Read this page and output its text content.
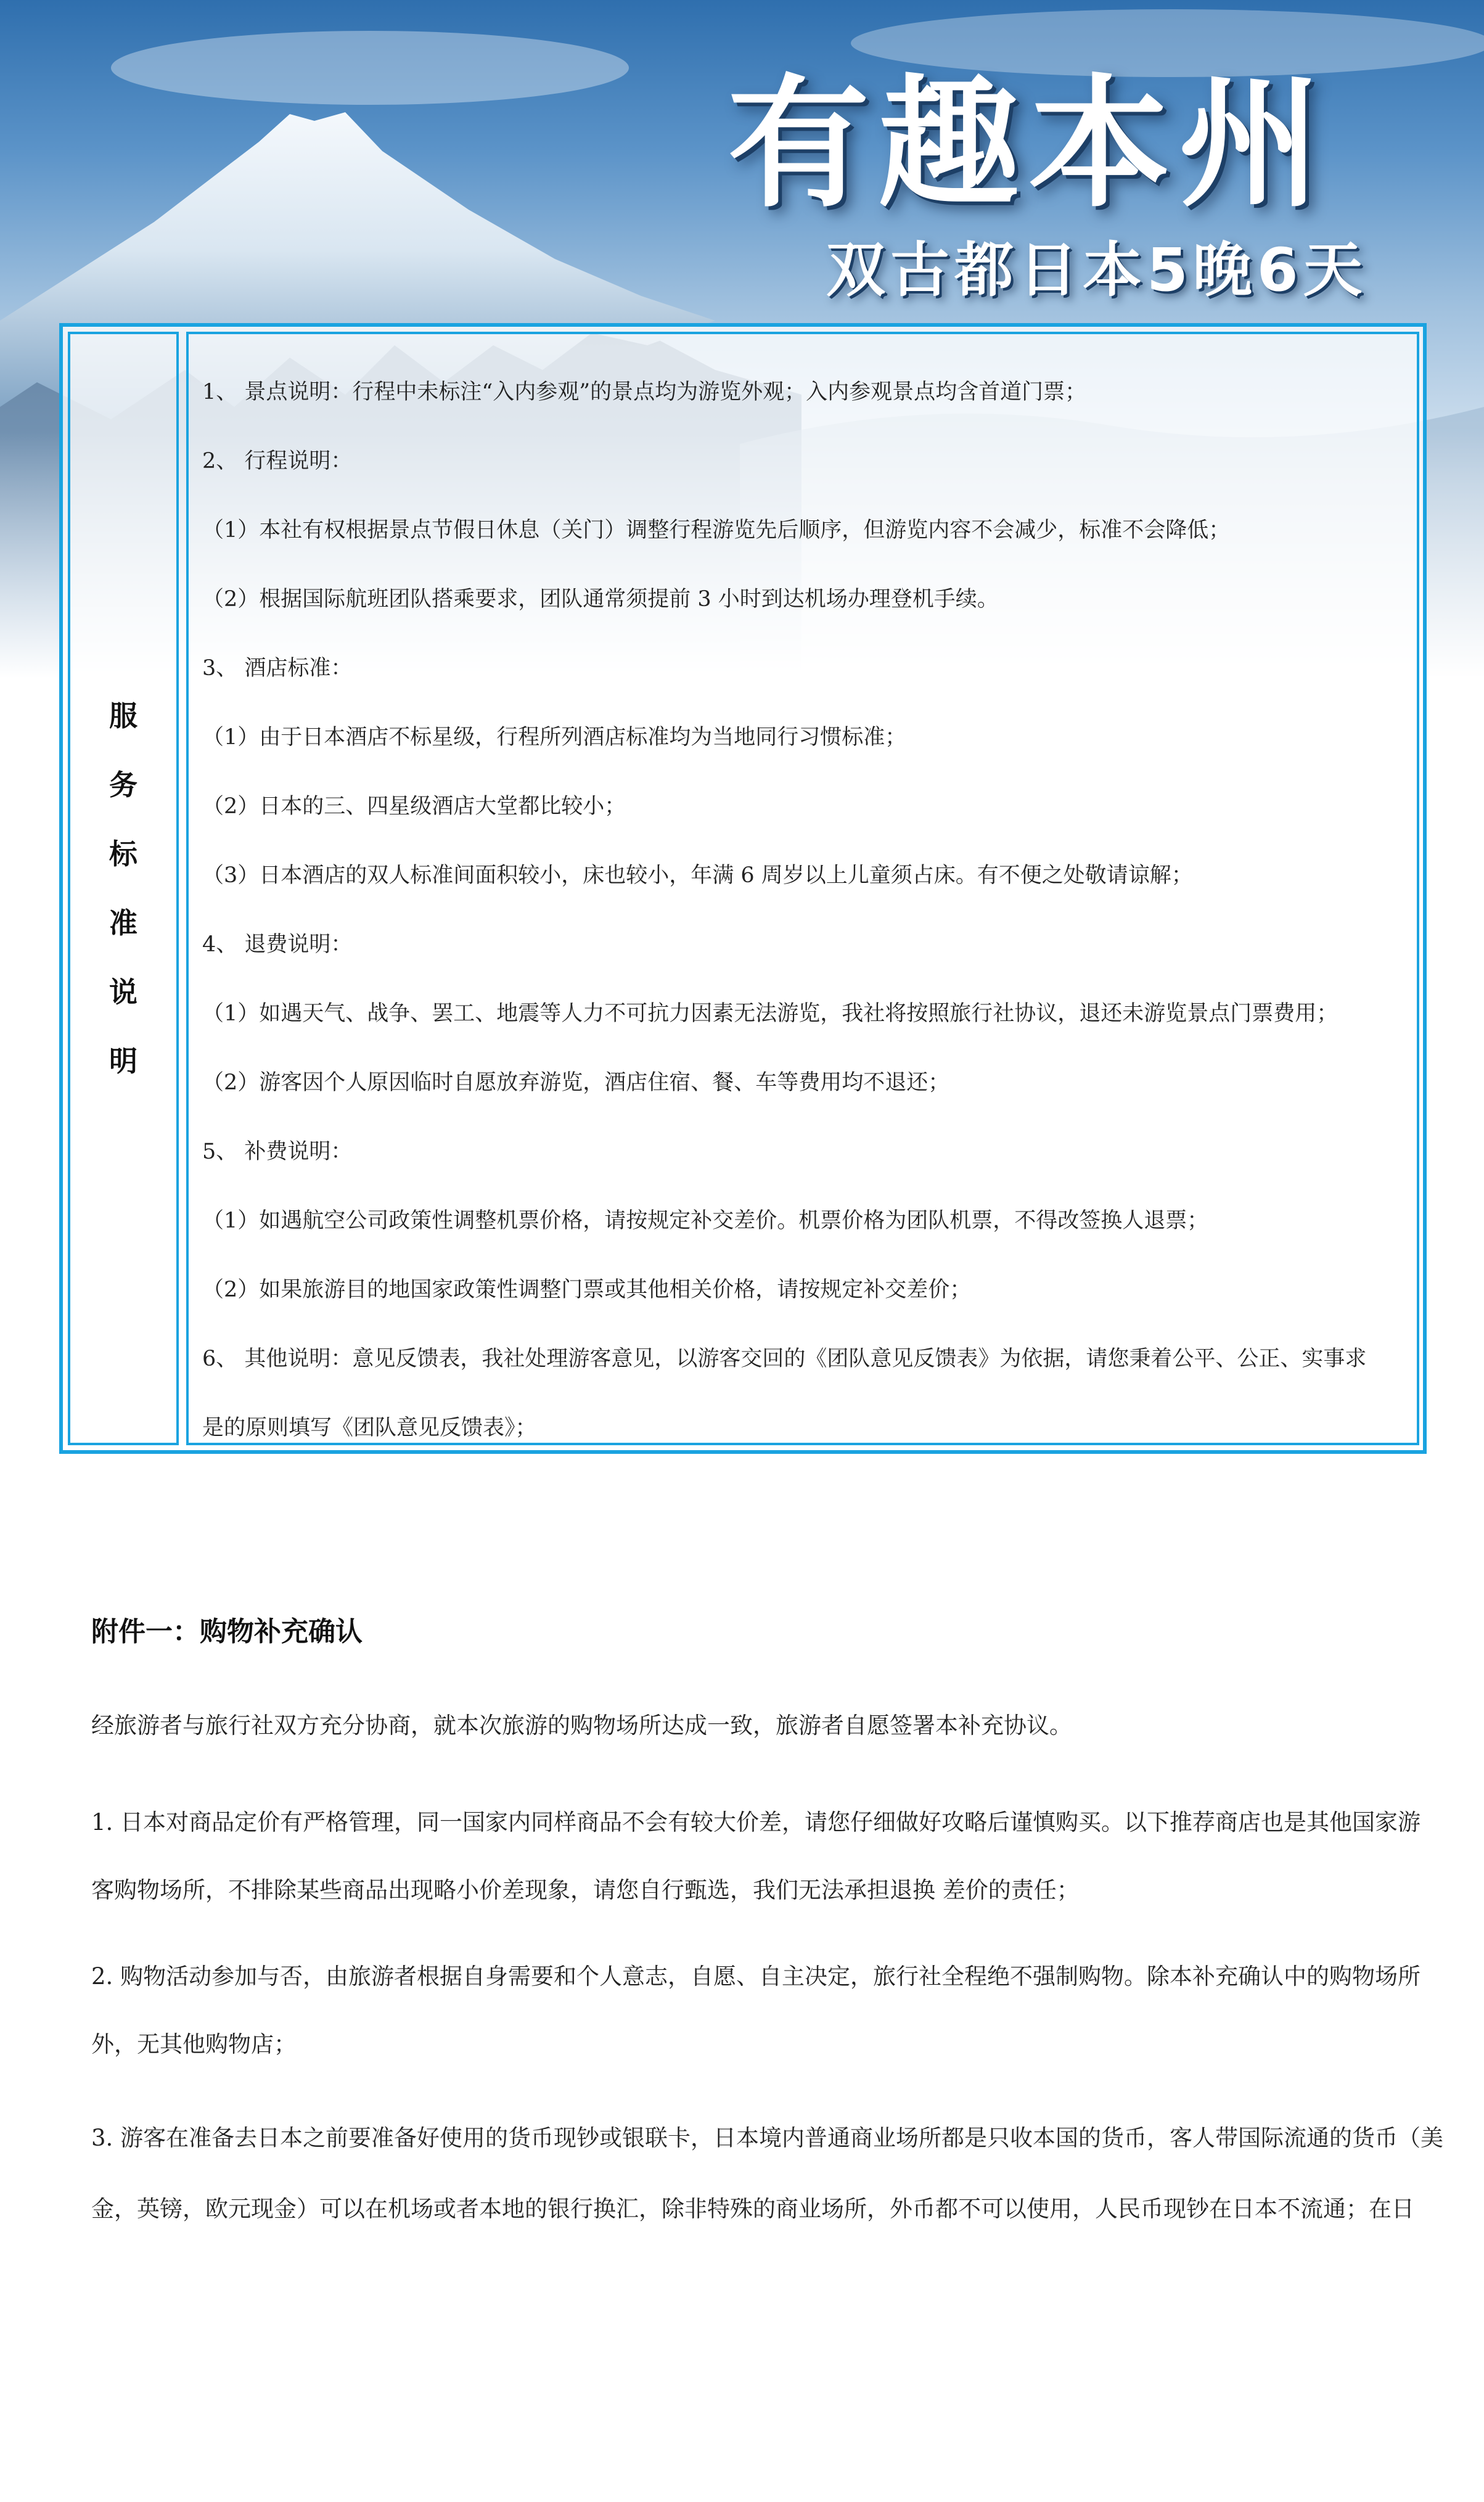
有趣本州
双古都日本5晚6天
服务
标准
说明
1、 景点说明：行程中未标注“入内参观”的景点均为游览外观；入内参观景点均含首道门票；
2、 行程说明：
（1）本社有权根据景点节假日休息（关门）调整行程游览先后顺序，但游览内容不会减少，标准不会降低；
（2）根据国际航班团队搭乘要求，团队通常须提前 3 小时到达机场办理登机手续。
3、 酒店标准：
（1）由于日本酒店不标星级，行程所列酒店标准均为当地同行习惯标准；
（2）日本的三、四星级酒店大堂都比较小；
（3）日本酒店的双人标准间面积较小，床也较小，年满 6 周岁以上儿童须占床。有不便之处敬请谅解；
4、 退费说明：
（1）如遇天气、战争、罢工、地震等人力不可抗力因素无法游览，我社将按照旅行社协议，退还未游览景点门票费用；
（2）游客因个人原因临时自愿放弃游览，酒店住宿、餐、车等费用均不退还；
5、 补费说明：
（1）如遇航空公司政策性调整机票价格，请按规定补交差价。机票价格为团队机票，不得改签换人退票；
（2）如果旅游目的地国家政策性调整门票或其他相关价格，请按规定补交差价；
6、 其他说明：意见反馈表，我社处理游客意见，以游客交回的《团队意见反馈表》为依据，请您秉着公平、公正、实事求
是的原则填写《团队意见反馈表》；
附件一：购物补充确认
经旅游者与旅行社双方充分协商，就本次旅游的购物场所达成一致，旅游者自愿签署本补充协议。
1. 日本对商品定价有严格管理，同一国家内同样商品不会有较大价差，请您仔细做好攻略后谨慎购买。以下推荐商店也是其他国家游
客购物场所，不排除某些商品出现略小价差现象，请您自行甄选，我们无法承担退换 差价的责任；
2. 购物活动参加与否，由旅游者根据自身需要和个人意志，自愿、自主决定，旅行社全程绝不强制购物。除本补充确认中的购物场所
外，无其他购物店；
3. 游客在准备去日本之前要准备好使用的货币现钞或银联卡，日本境内普通商业场所都是只收本国的货币，客人带国际流通的货币（美
金，英镑，欧元现金）可以在机场或者本地的银行换汇，除非特殊的商业场所，外币都不可以使用，人民币现钞在日本不流通；在日
